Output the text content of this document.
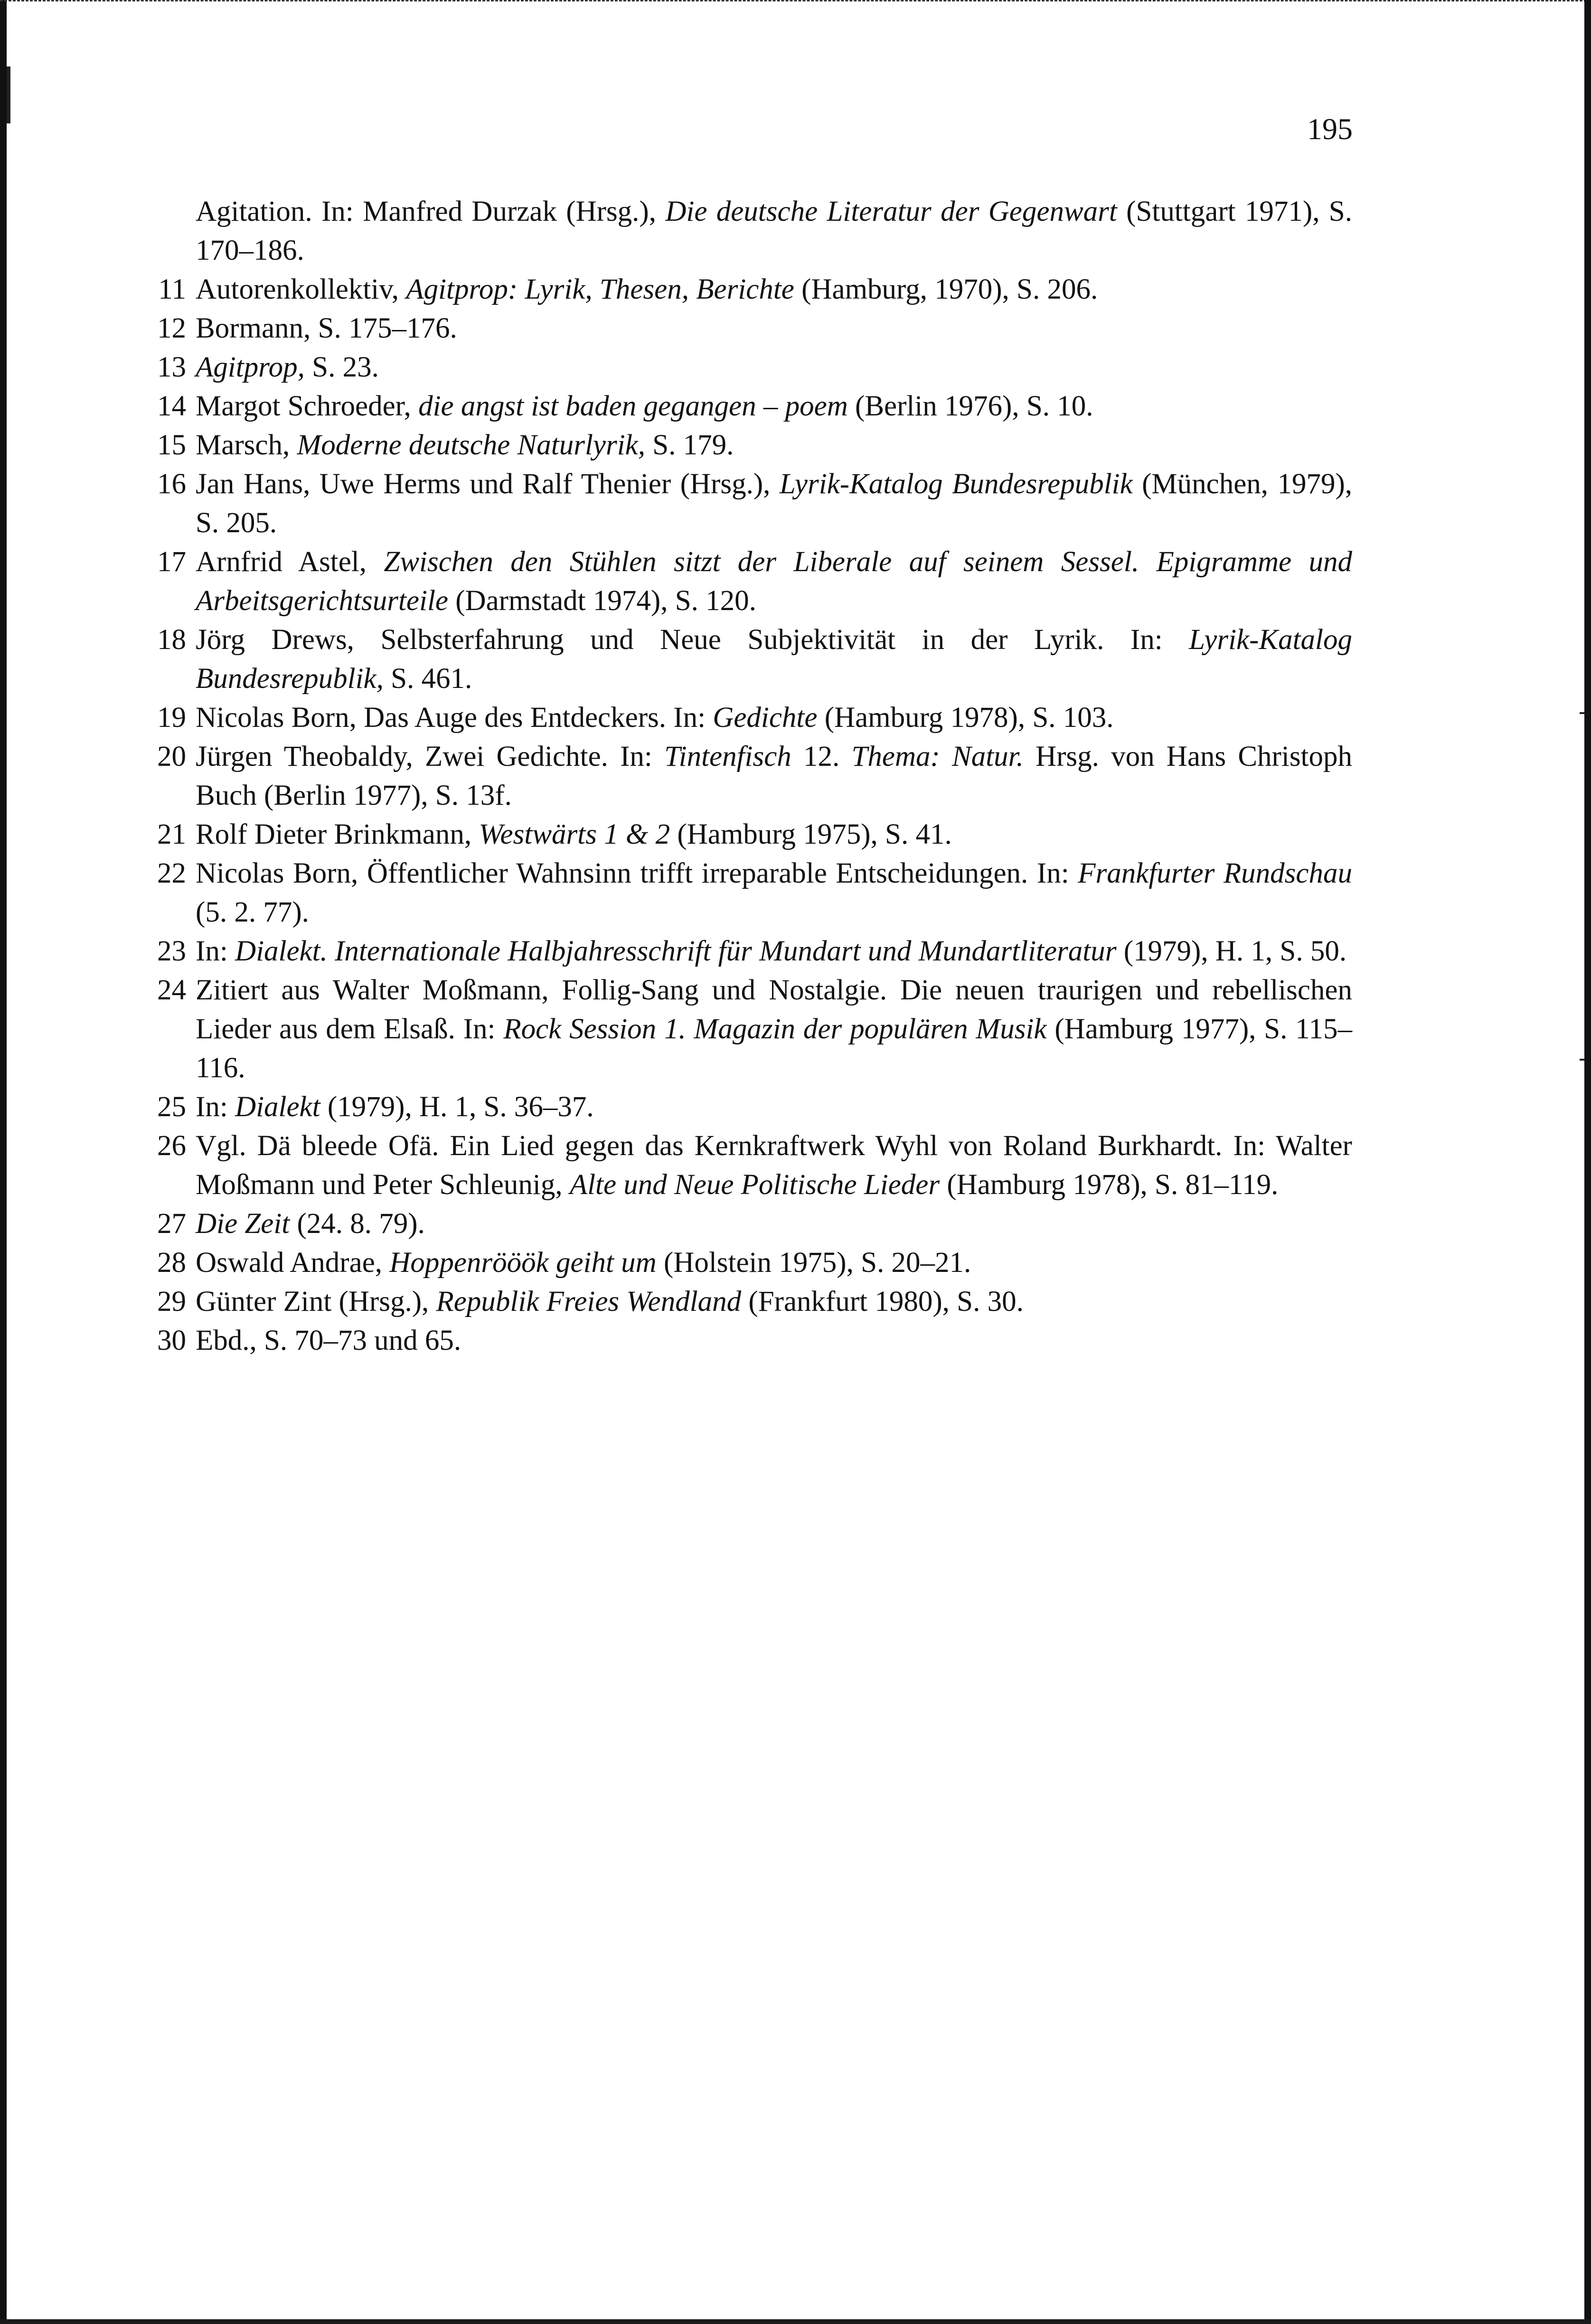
195
Agitation. In: Manfred Durzak (Hrsg.), Die deutsche Literatur der Gegenwart (Stuttgart 1971), S. 170–186.
11 Autorenkollektiv, Agitprop: Lyrik, Thesen, Berichte (Hamburg, 1970), S. 206.
12 Bormann, S. 175–176.
13 Agitprop, S. 23.
14 Margot Schroeder, die angst ist baden gegangen – poem (Berlin 1976), S. 10.
15 Marsch, Moderne deutsche Naturlyrik, S. 179.
16 Jan Hans, Uwe Herms und Ralf Thenier (Hrsg.), Lyrik-Katalog Bundesrepublik (München, 1979), S. 205.
17 Arnfrid Astel, Zwischen den Stühlen sitzt der Liberale auf seinem Sessel. Epigramme und Arbeitsgerichtsurteile (Darmstadt 1974), S. 120.
18 Jörg Drews, Selbsterfahrung und Neue Subjektivität in der Lyrik. In: Lyrik-Katalog Bundesrepublik, S. 461.
19 Nicolas Born, Das Auge des Entdeckers. In: Gedichte (Hamburg 1978), S. 103.
20 Jürgen Theobaldy, Zwei Gedichte. In: Tintenfisch 12. Thema: Natur. Hrsg. von Hans Christoph Buch (Berlin 1977), S. 13f.
21 Rolf Dieter Brinkmann, Westwärts 1 & 2 (Hamburg 1975), S. 41.
22 Nicolas Born, Öffentlicher Wahnsinn trifft irreparable Entscheidungen. In: Frankfurter Rundschau (5. 2. 77).
23 In: Dialekt. Internationale Halbjahresschrift für Mundart und Mundartliteratur (1979), H. 1, S. 50.
24 Zitiert aus Walter Moßmann, Follig-Sang und Nostalgie. Die neuen traurigen und rebellischen Lieder aus dem Elsaß. In: Rock Session 1. Magazin der populären Musik (Hamburg 1977), S. 115–116.
25 In: Dialekt (1979), H. 1, S. 36–37.
26 Vgl. Dä bleede Ofä. Ein Lied gegen das Kernkraftwerk Wyhl von Roland Burkhardt. In: Walter Moßmann und Peter Schleunig, Alte und Neue Politische Lieder (Hamburg 1978), S. 81–119.
27 Die Zeit (24. 8. 79).
28 Oswald Andrae, Hoppenrööök geiht um (Holstein 1975), S. 20–21.
29 Günter Zint (Hrsg.), Republik Freies Wendland (Frankfurt 1980), S. 30.
30 Ebd., S. 70–73 und 65.
